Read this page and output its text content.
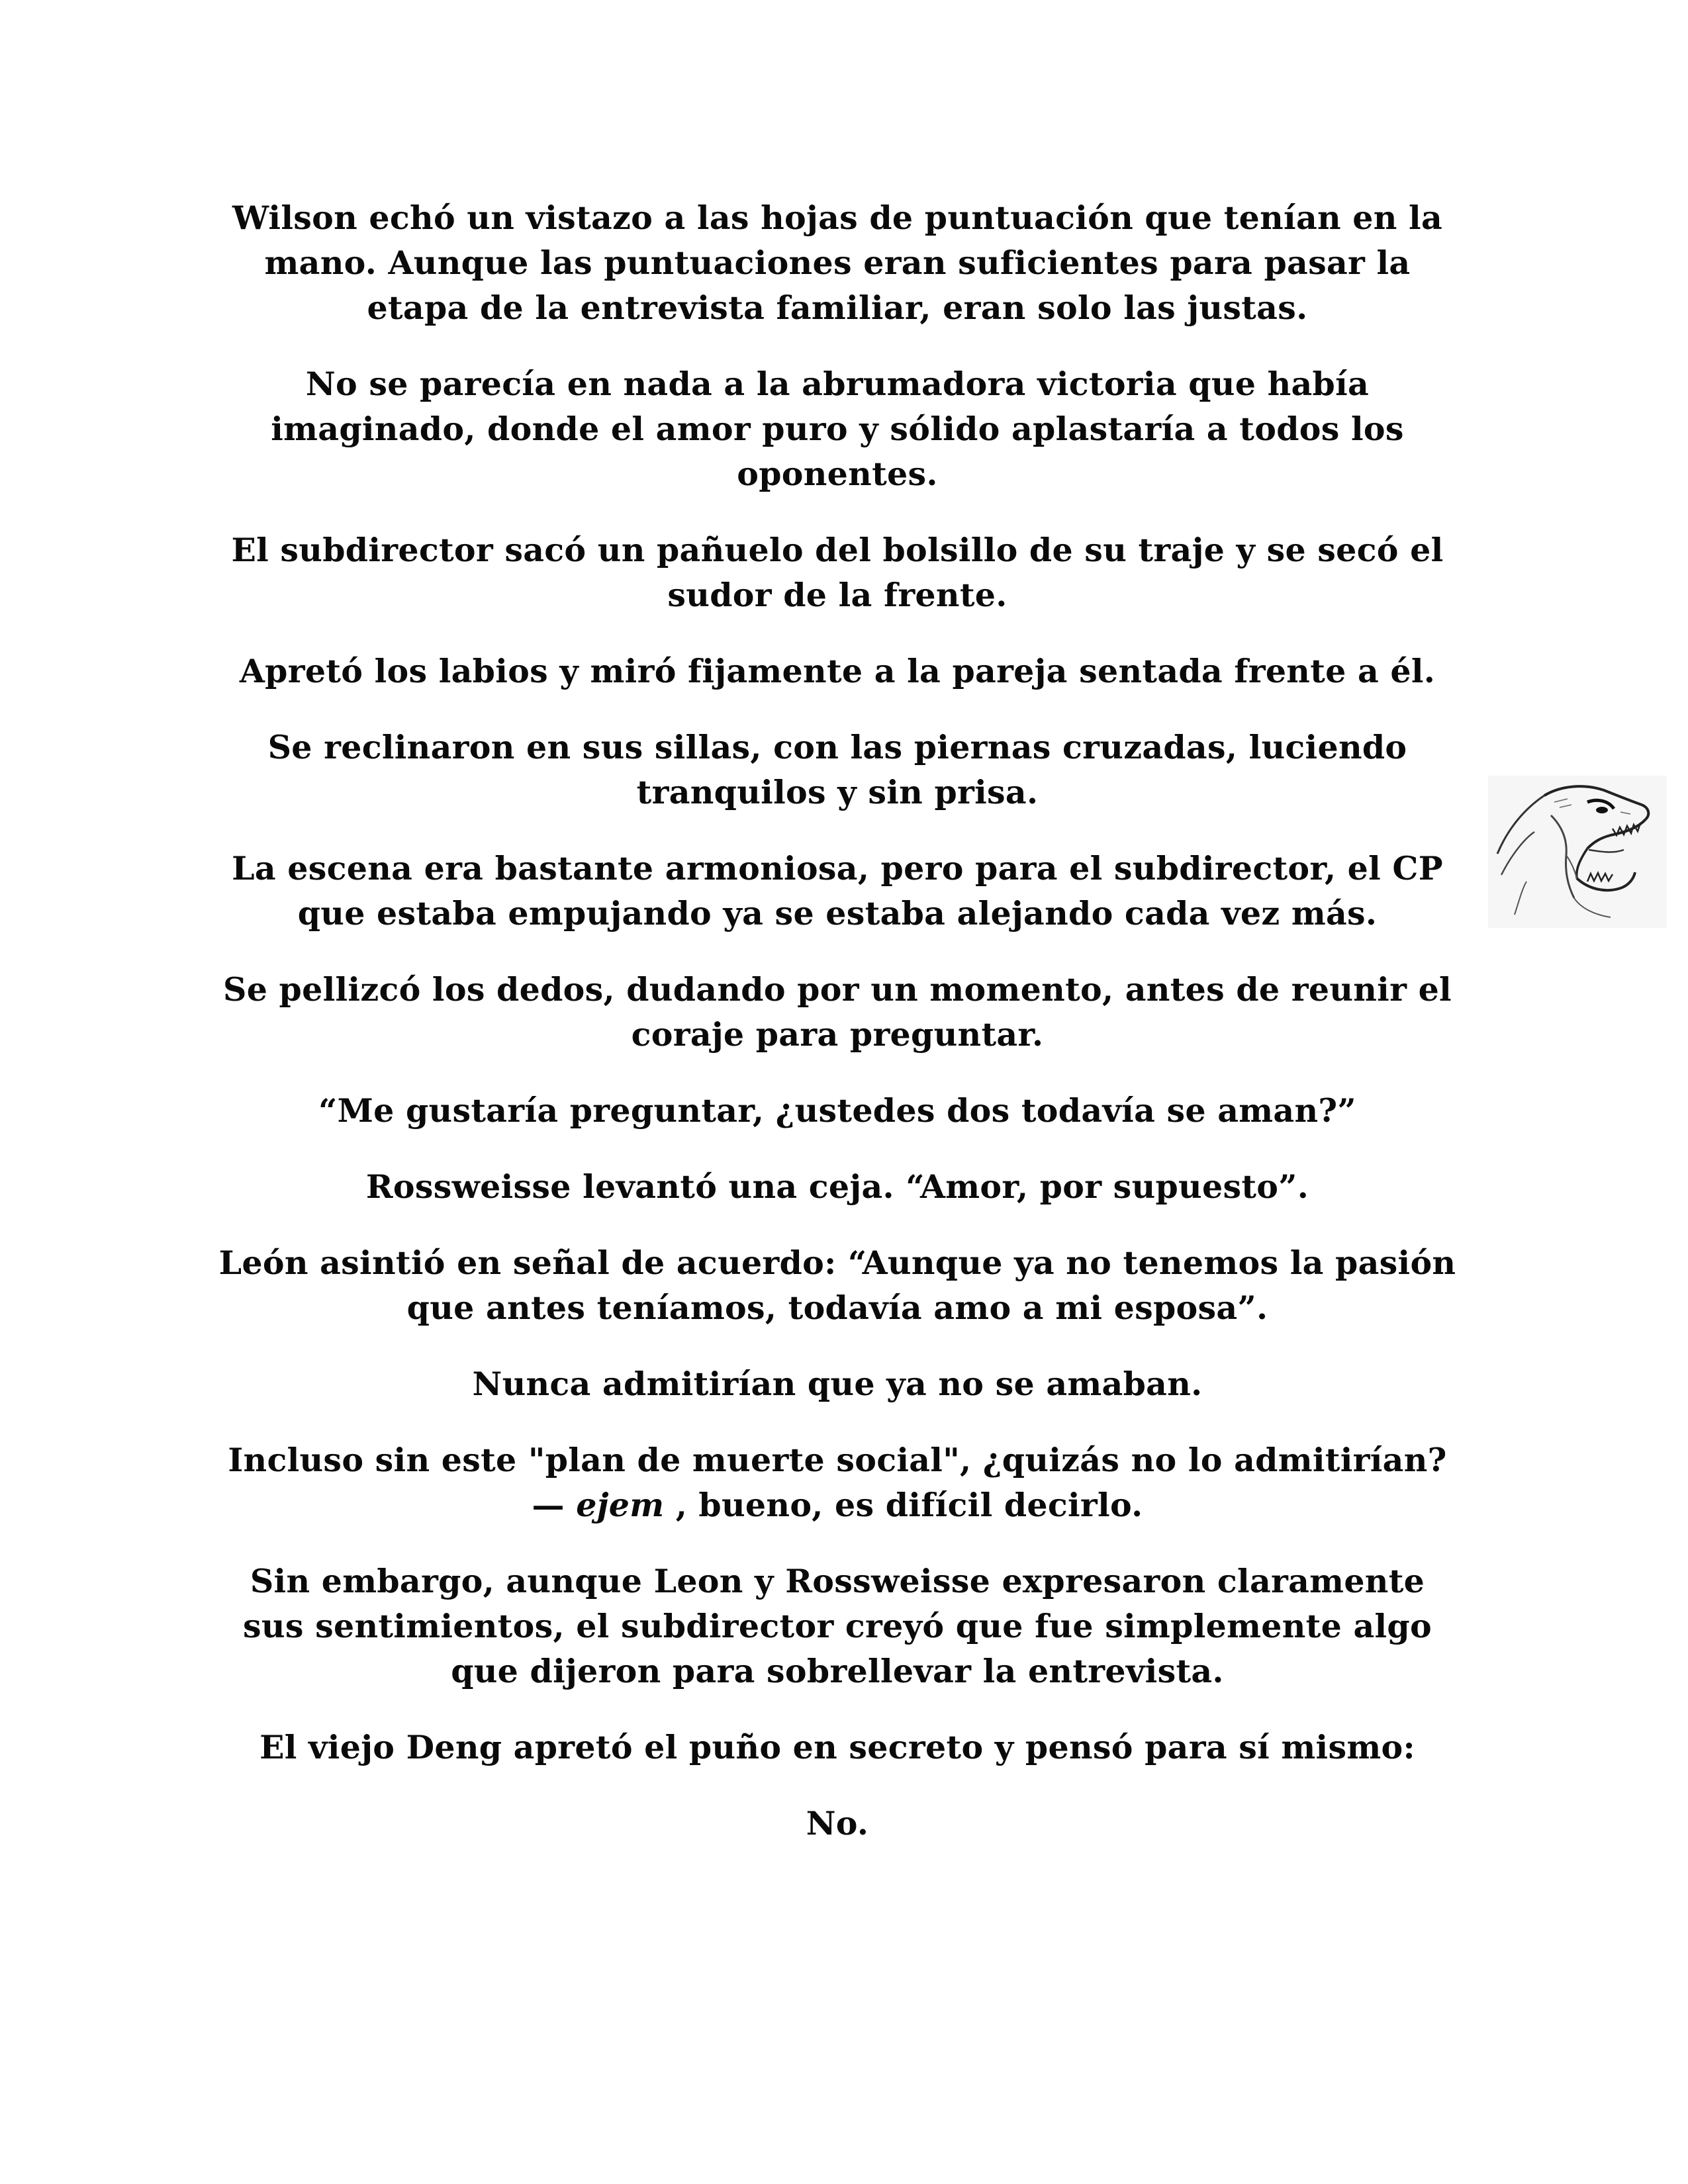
Wilson echó un vistazo a las hojas de puntuación que tenían en la mano. Aunque las puntuaciones eran suficientes para pasar la etapa de la entrevista familiar, eran solo las justas.

No se parecía en nada a la abrumadora victoria que había imaginado, donde el amor puro y sólido aplastaría a todos los oponentes.

El subdirector sacó un pañuelo del bolsillo de su traje y se secó el sudor de la frente.

Apretó los labios y miró fijamente a la pareja sentada frente a él.

Se reclinaron en sus sillas, con las piernas cruzadas, luciendo tranquilos y sin prisa.

La escena era bastante armoniosa, pero para el subdirector, el CP que estaba empujando ya se estaba alejando cada vez más.

Se pellizcó los dedos, dudando por un momento, antes de reunir el coraje para preguntar.

“Me gustaría preguntar, ¿ustedes dos todavía se aman?”

Rossweisse levantó una ceja. “Amor, por supuesto”.

León asintió en señal de acuerdo: “Aunque ya no tenemos la pasión que antes teníamos, todavía amo a mi esposa”.

Nunca admitirían que ya no se amaban.

Incluso sin este "plan de muerte social", ¿quizás no lo admitirían? — ejem , bueno, es difícil decirlo.

Sin embargo, aunque Leon y Rossweisse expresaron claramente sus sentimientos, el subdirector creyó que fue simplemente algo que dijeron para sobrellevar la entrevista.

El viejo Deng apretó el puño en secreto y pensó para sí mismo:

No.
